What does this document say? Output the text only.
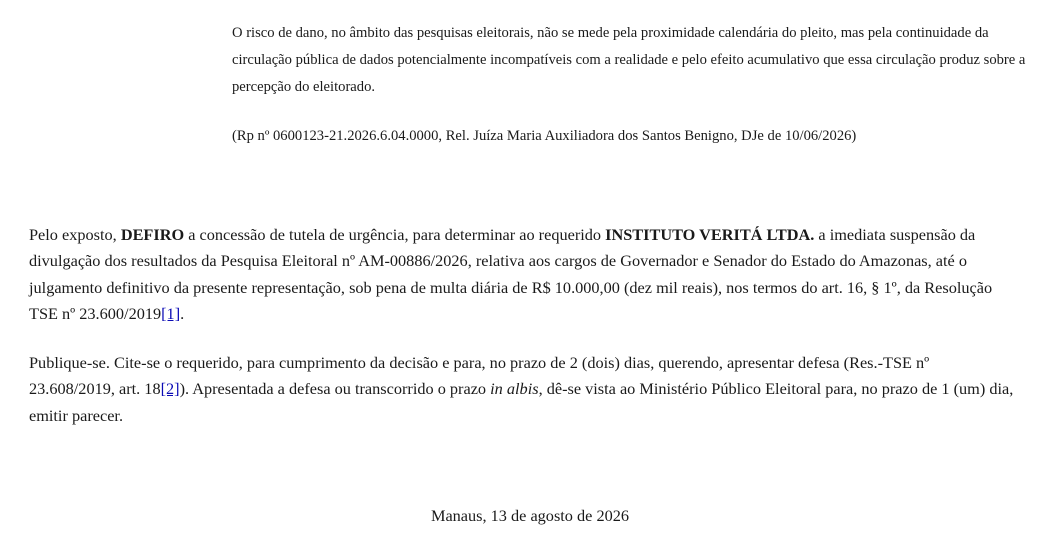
O risco de dano, no âmbito das pesquisas eleitorais, não se mede pela proximidade calendária do pleito, mas pela continuidade da circulação pública de dados potencialmente incompatíveis com a realidade e pelo efeito acumulativo que essa circulação produz sobre a percepção do eleitorado.

(Rp nº 0600123-21.2026.6.04.0000, Rel. Juíza Maria Auxiliadora dos Santos Benigno, DJe de 10/06/2026)

Pelo exposto, DEFIRO a concessão de tutela de urgência, para determinar ao requerido INSTITUTO VERITÁ LTDA. a imediata suspensão da divulgação dos resultados da Pesquisa Eleitoral nº AM-00886/2026, relativa aos cargos de Governador e Senador do Estado do Amazonas, até o julgamento definitivo da presente representação, sob pena de multa diária de R$ 10.000,00 (dez mil reais), nos termos do art. 16, § 1º, da Resolução TSE nº 23.600/2019[1].

Publique-se. Cite-se o requerido, para cumprimento da decisão e para, no prazo de 2 (dois) dias, querendo, apresentar defesa (Res.-TSE nº 23.608/2019, art. 18[2]). Apresentada a defesa ou transcorrido o prazo in albis, dê-se vista ao Ministério Público Eleitoral para, no prazo de 1 (um) dia, emitir parecer.

Manaus, 13 de agosto de 2026
